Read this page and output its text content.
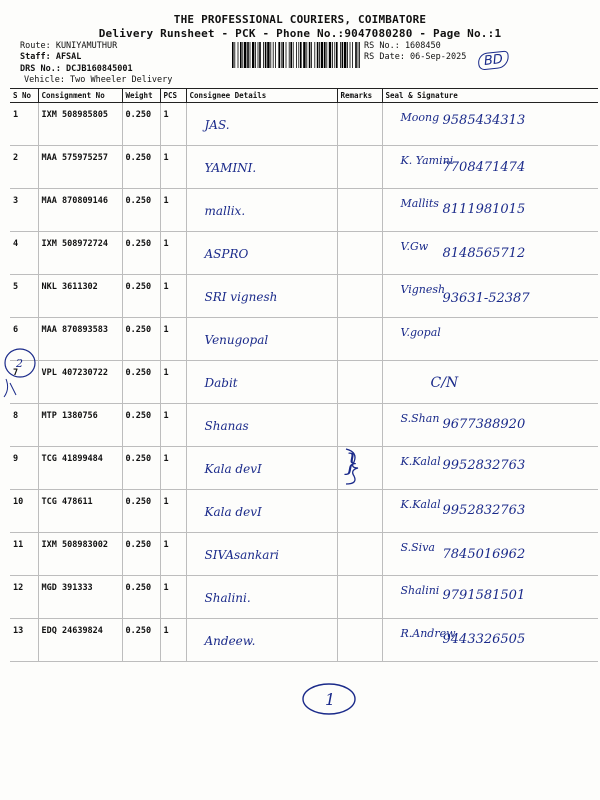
THE PROFESSIONAL COURIERS, COIMBATORE
Delivery Runsheet - PCK - Phone No.:9047080280 - Page No.:1
Route: KUNIYAMUTHUR
Staff: AFSAL
DRS No.: DCJB160845001
Vehicle: Two Wheeler Delivery
RS No.: 1608450
RS Date: 06-Sep-2025	BD
S No	Consignment No	Weight	PCS	Consignee Details	Remarks	Seal & Signature
1	IXM 508985805	0.250	1	JAS.		Moong 9585434313

2	MAA 575975257	0.250	1	YAMINI.		K. Yamini
7708471474

3	MAA 870809146	0.250	1	mallix.		Mallits 8111981015

4	IXM 508972724	0.250	1	ASPRO		V.Gw 8148565712

5	NKL 3611302	0.250	1	SRI vignesh		Vignesh
93631-52387

6	MAA 870893583	0.250	1	Venugopal		V.gopal

7	VPL 407230722	0.250	1	Dabit		C/N

8	MTP 1380756	0.250	1	Shanas		S.Shan 9677388920

9	TCG 41899484	0.250	1	Kala devI	}	K.Kalal 9952832763

10	TCG 478611	0.250	1	Kala devI		K.Kalal 9952832763

11	IXM 508983002	0.250	1	SIVAsankari		S.Siva 7845016962

12	MGD 391333	0.250	1	Shalini.		Shalini 9791581501

13	EDQ 24639824	0.250	1	Andeew.		R.Andrew
9443326505
2
1
